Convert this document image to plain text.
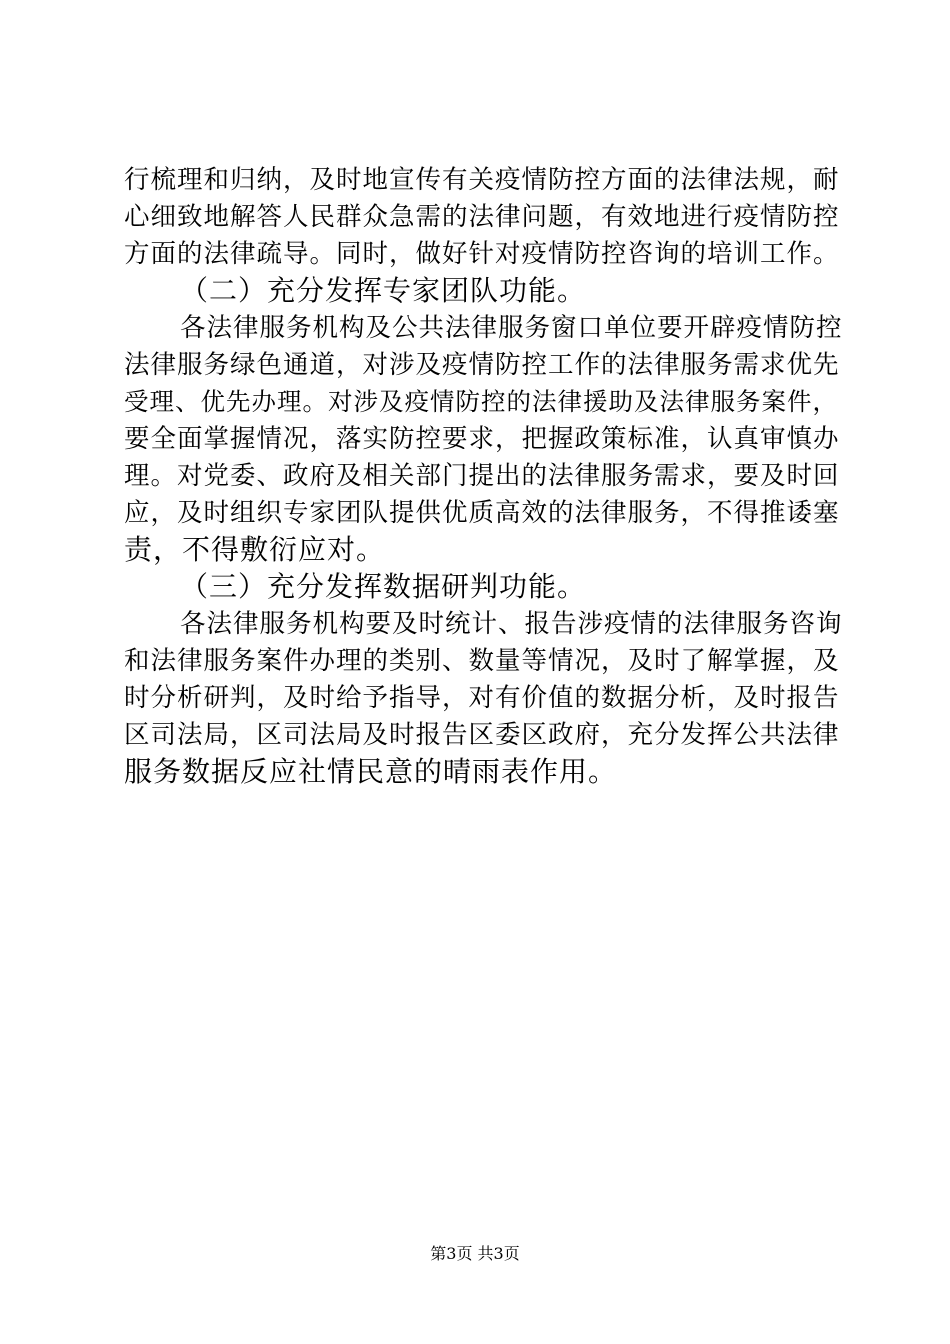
行梳理和归纳，及时地宣传有关疫情防控方面的法律法规，耐
心细致地解答人民群众急需的法律问题，有效地进行疫情防控
方面的法律疏导。同时，做好针对疫情防控咨询的培训工作。
（二）充分发挥专家团队功能。
各法律服务机构及公共法律服务窗口单位要开辟疫情防控
法律服务绿色通道，对涉及疫情防控工作的法律服务需求优先
受理、优先办理。对涉及疫情防控的法律援助及法律服务案件，
要全面掌握情况，落实防控要求，把握政策标准，认真审慎办
理。对党委、政府及相关部门提出的法律服务需求，要及时回
应，及时组织专家团队提供优质高效的法律服务，不得推诿塞
责，不得敷衍应对。
（三）充分发挥数据研判功能。
各法律服务机构要及时统计、报告涉疫情的法律服务咨询
和法律服务案件办理的类别、数量等情况，及时了解掌握，及
时分析研判，及时给予指导，对有价值的数据分析，及时报告
区司法局，区司法局及时报告区委区政府，充分发挥公共法律
服务数据反应社情民意的晴雨表作用。
第3页 共3页
